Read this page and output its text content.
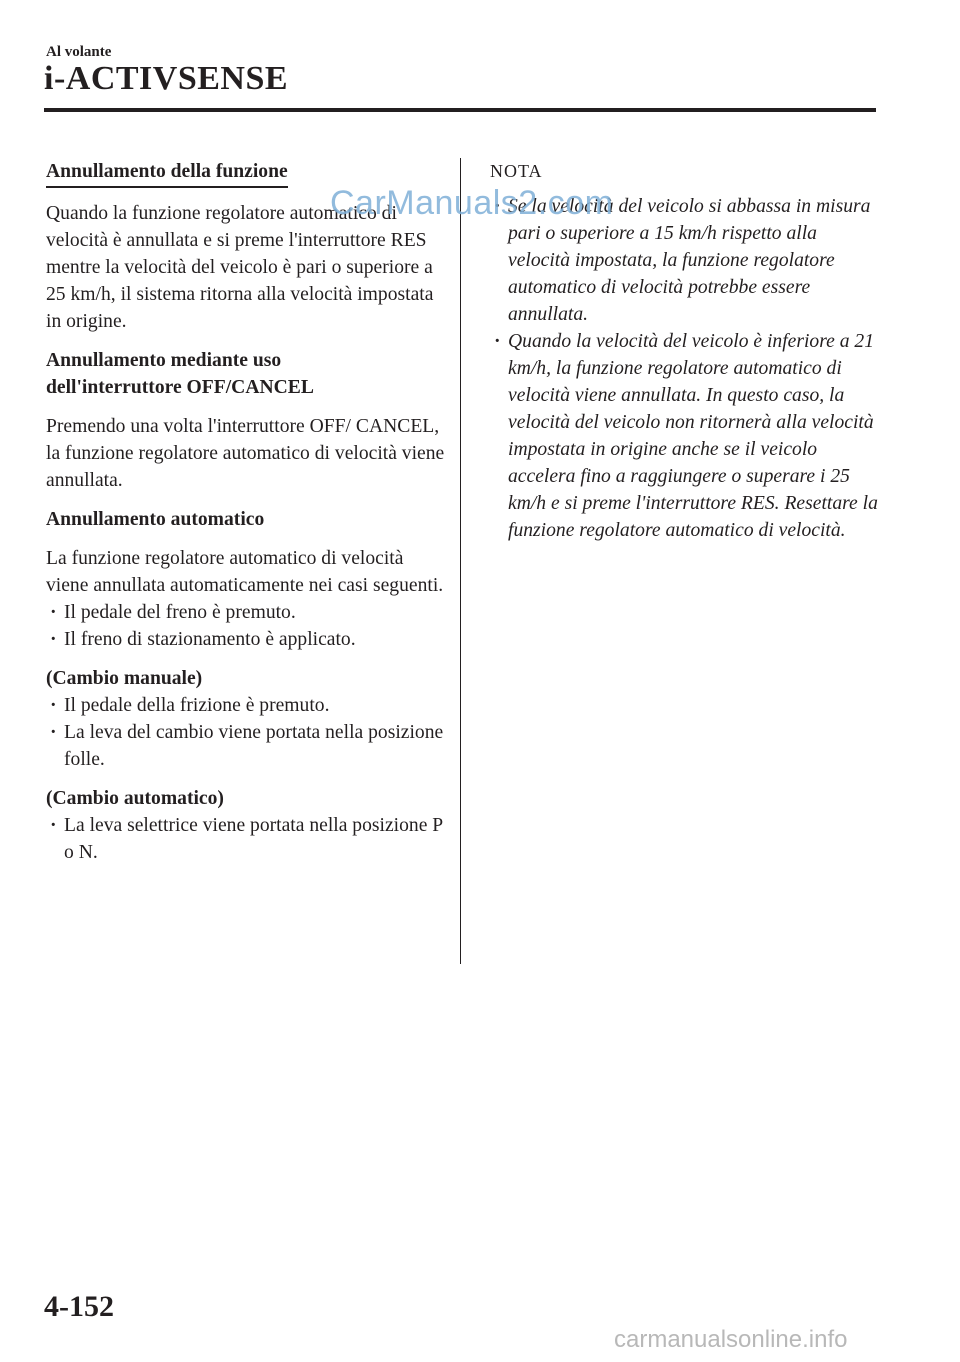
Al volante
i-ACTIVSENSE

Annullamento della funzione

Quando la funzione regolatore automatico di velocità è annullata e si preme l'interruttore RES mentre la velocità del veicolo è pari o superiore a 25 km/h, il sistema ritorna alla velocità impostata in origine.

Annullamento mediante uso
dell'interruttore OFF/CANCEL

Premendo una volta l'interruttore OFF/ CANCEL, la funzione regolatore automatico di velocità viene annullata.

Annullamento automatico

La funzione regolatore automatico di velocità viene annullata automaticamente nei casi seguenti.

· Il pedale del freno è premuto.
· Il freno di stazionamento è applicato.

(Cambio manuale)

· Il pedale della frizione è premuto.
· La leva del cambio viene portata nella posizione folle.

(Cambio automatico)

· La leva selettrice viene portata nella posizione P o N.

NOTA

· Se la velocità del veicolo si abbassa in misura pari o superiore a 15 km/h rispetto alla velocità impostata, la funzione regolatore automatico di velocità potrebbe essere annullata.
· Quando la velocità del veicolo è inferiore a 21 km/h, la funzione regolatore automatico di velocità viene annullata. In questo caso, la velocità del veicolo non ritornerà alla velocità impostata in origine anche se il veicolo accelera fino a raggiungere o superare i 25 km/h e si preme l'interruttore RES. Resettare la funzione regolatore automatico di velocità.
CarManuals2.com
4-152
carmanualsonline.info
